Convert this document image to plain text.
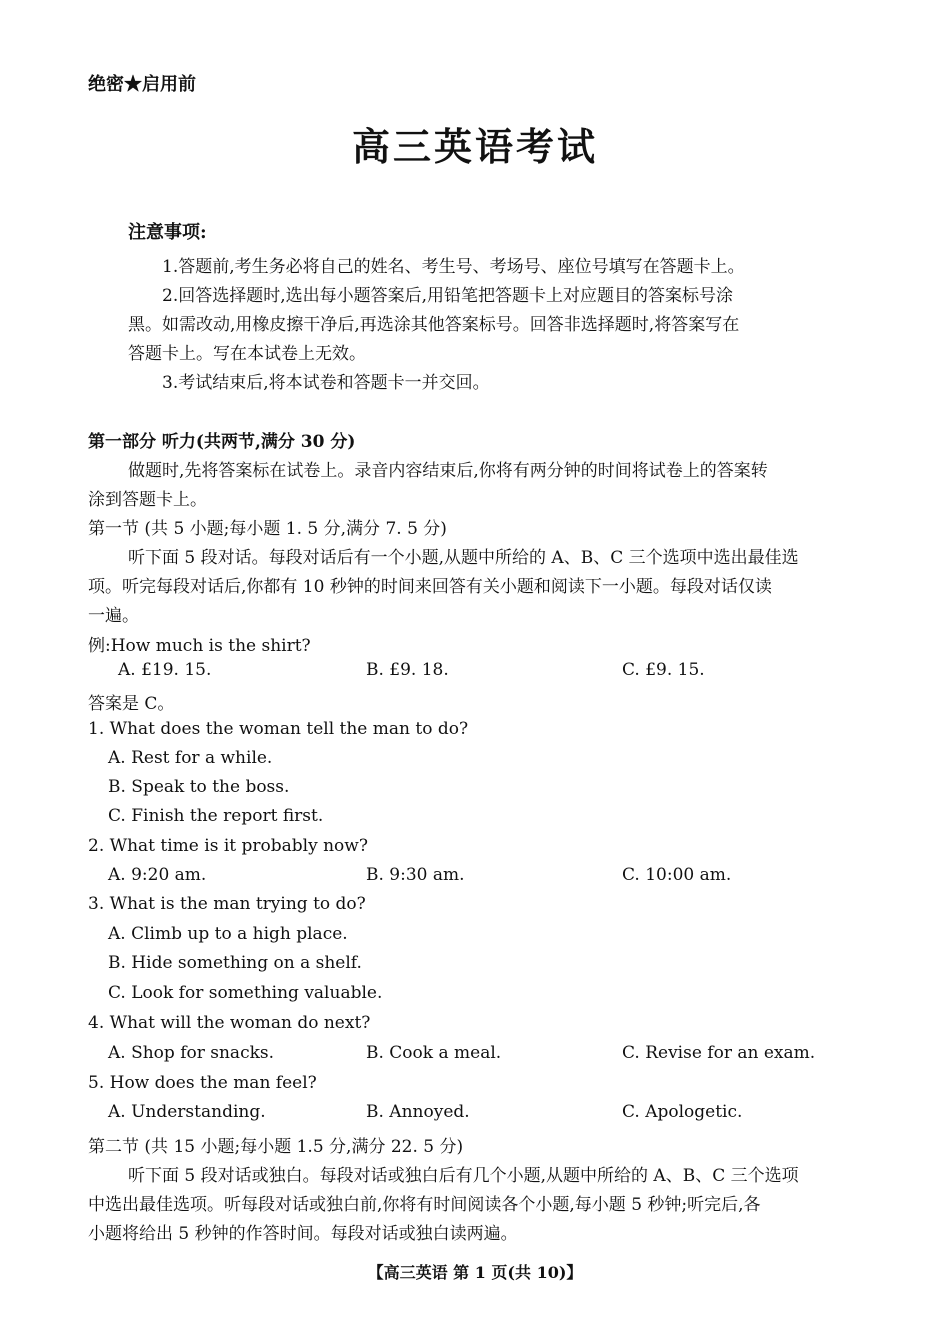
绝密★启用前
高三英语考试
注意事项:
1.答题前,考生务必将自己的姓名、考生号、考场号、座位号填写在答题卡上。
2.回答选择题时,选出每小题答案后,用铅笔把答题卡上对应题目的答案标号涂
黑。如需改动,用橡皮擦干净后,再选涂其他答案标号。回答非选择题时,将答案写在
答题卡上。写在本试卷上无效。
3.考试结束后,将本试卷和答题卡一并交回。
第一部分 听力(共两节,满分 30 分)
做题时,先将答案标在试卷上。录音内容结束后,你将有两分钟的时间将试卷上的答案转
涂到答题卡上。
第一节 (共 5 小题;每小题 1. 5 分,满分 7. 5 分)
听下面 5 段对话。每段对话后有一个小题,从题中所给的 A、B、C 三个选项中选出最佳选
项。听完每段对话后,你都有 10 秒钟的时间来回答有关小题和阅读下一小题。每段对话仅读
一遍。
例:How much is the shirt?
A. £19. 15.	B. £9. 18.	C. £9. 15.
答案是 C。
1. What does the woman tell the man to do?
A. Rest for a while.
B. Speak to the boss.
C. Finish the report first.
2. What time is it probably now?
A. 9:20 am.	B. 9:30 am.	C. 10:00 am.
3. What is the man trying to do?
A. Climb up to a high place.
B. Hide something on a shelf.
C. Look for something valuable.
4. What will the woman do next?
A. Shop for snacks.	B. Cook a meal.	C. Revise for an exam.
5. How does the man feel?
A. Understanding.	B. Annoyed.	C. Apologetic.
第二节 (共 15 小题;每小题 1.5 分,满分 22. 5 分)
听下面 5 段对话或独白。每段对话或独白后有几个小题,从题中所给的 A、B、C 三个选项
中选出最佳选项。听每段对话或独白前,你将有时间阅读各个小题,每小题 5 秒钟;听完后,各
小题将给出 5 秒钟的作答时间。每段对话或独白读两遍。
【高三英语 第 1 页(共 10)】
